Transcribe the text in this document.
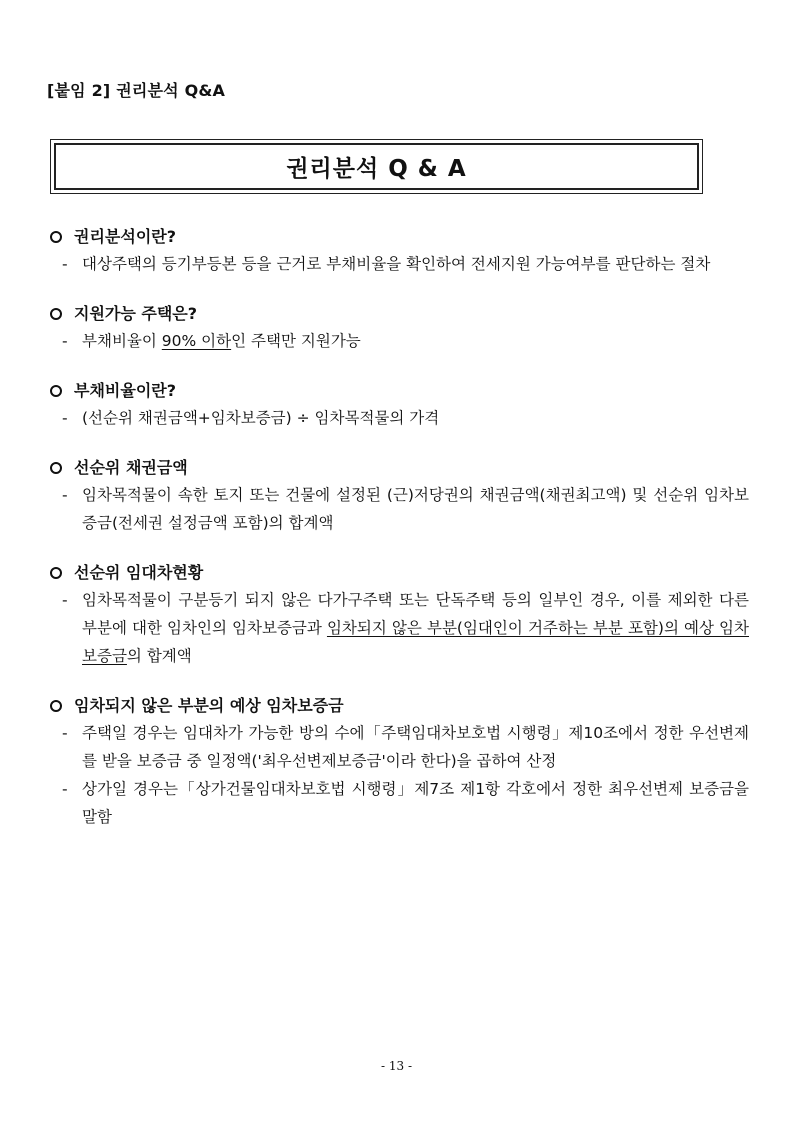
[붙임 2] 권리분석 Q&A
권리분석 Q & A
권리분석이란?
- 대상주택의 등기부등본 등을 근거로 부채비율을 확인하여 전세지원 가능여부를 판단하는 절차
지원가능 주택은?
- 부채비율이 90% 이하인 주택만 지원가능
부채비율이란?
- (선순위 채권금액+임차보증금) ÷ 임차목적물의 가격
선순위 채권금액
- 임차목적물이 속한 토지 또는 건물에 설정된 (근)저당권의 채권금액(채권최고액) 및 선순위 임차보증금(전세권 설정금액 포함)의 합계액
선순위 임대차현황
- 임차목적물이 구분등기 되지 않은 다가구주택 또는 단독주택 등의 일부인 경우, 이를 제외한 다른 부분에 대한 임차인의 임차보증금과 임차되지 않은 부분(임대인이 거주하는 부분 포함)의 예상 임차보증금의 합계액
임차되지 않은 부분의 예상 임차보증금
- 주택일 경우는 임대차가 가능한 방의 수에「주택임대차보호법 시행령」제10조에서 정한 우선변제를 받을 보증금 중 일정액('최우선변제보증금'이라 한다)을 곱하여 산정
- 상가일 경우는「상가건물임대차보호법 시행령」제7조 제1항 각호에서 정한 최우선변제 보증금을 말함
- 13 -
